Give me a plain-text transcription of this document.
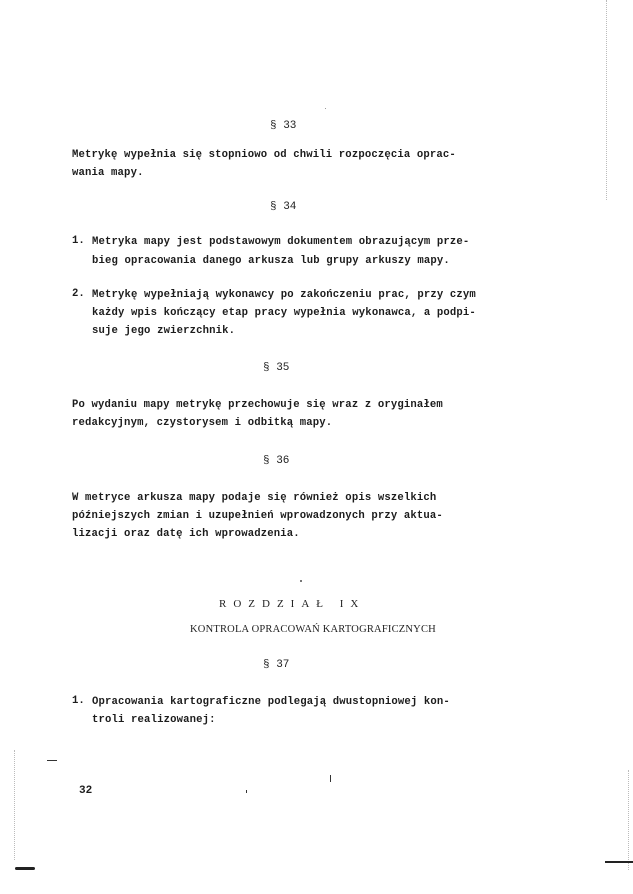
§ 33
Metrykę wypełnia się stopniowo od chwili rozpoczęcia oprac-
wania mapy.
§ 34
1. Metryka mapy jest podstawowym dokumentem obrazującym prze-
bieg opracowania danego arkusza lub grupy arkuszy mapy.
2. Metrykę wypełniają wykonawcy po zakończeniu prac, przy czym
każdy wpis kończący etap pracy wypełnia wykonawca, a podpi-
suje jego zwierzchnik.
§ 35
Po wydaniu mapy metrykę przechowuje się wraz z oryginałem
redakcyjnym, czystorysem i odbitką mapy.
§ 36
W metryce arkusza mapy podaje się również opis wszelkich
późniejszych zmian i uzupełnień wprowadzonych przy aktua-
lizacji oraz datę ich wprowadzenia.
ROZDZIAŁ IX
KONTROLA OPRACOWAŃ KARTOGRAFICZNYCH
§ 37
1. Opracowania kartograficzne podlegają dwustopniowej kon-
troli realizowanej:
32
